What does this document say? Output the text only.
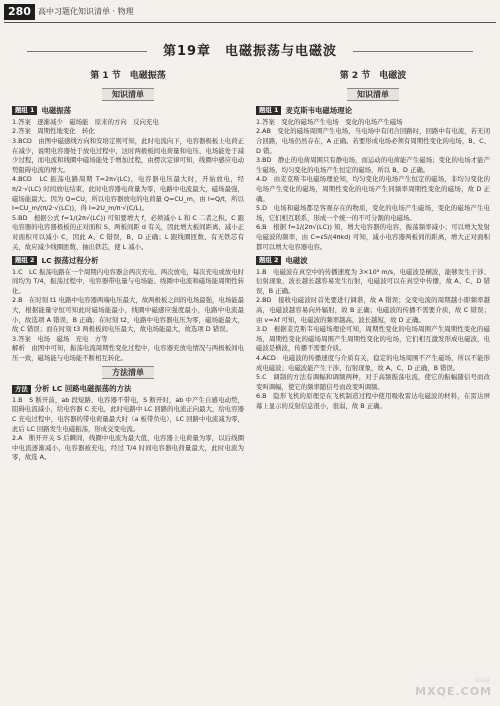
280 高中习题化知识清单 · 物理
第19章　电磁振荡与电磁波
第 1 节　电磁振荡
知识清单
题组 1 电磁振荡

1.答案　逐渐减少　磁场能　原来的方向　反向充电

2.答案　周期性地变化　转化

3.BCD　由图中磁感线方向和安培定则可知，此时电流向下，电容器极板上电荷正在减少，说明电容器处于放电过程中，这时两极板间电荷量和电压、电场能处于减少过程，而电流和线圈中磁场能处于增加过程，由楞次定律可知，线圈中感应电动势阻碍电流的增大。

4.BCD　LC 振荡电路周期 T=2π√(LC)，电容器电压最大时，开始放电，经 π/2·√(LC) 时间放电结束，此时电容器电荷量为零，电路中电流最大，磁场最强，磁场能最大。因为 Q=CU，所以电容器放电的电荷量 Q=CU_m，由 I=Q/t，所以 I=CU_m/(π/2·√(LC))，得 I=2U_m/π·√(C/L)。

5.BD　根据公式 f=1/(2π√(LC)) 可知要增大 f，必须减小 L 和 C 二者之积。C 跟电容器的电容器极板的正对面积 S、两板间距 d 有关，因此增大板间距离、减小正对面积可以减小 C，因此 A、C 错误，B、D 正确；L 跟线圈匝数、有无铁芯有关，故应减少线圈匝数、抽出铁芯，使 L 减小。

题组 2 LC 振荡过程分析

1.C　LC 振荡电路在一个周期内电容器会两次充电、两次放电，每次充电或放电时间均为 T/4，振荡过程中，电容器带电量与电场能、线圈中电流和磁场能周期性转化。

2.B　在时刻 t1 电路中电容器两端电压最大，故两极板之间的电场最强，电场能最大，根据能量守恒可知此时磁场能最小，线圈中磁感应强度最小，电路中电流最小，故选项 A 错误，B 正确；在时刻 t2，电路中电容器电压为零，磁场能最大，故 C 错误；而在时刻 t3 两极板间电压最大，故电场能最大，故选项 D 错误。

3.答案　电场　磁场　充电　方等

解析　由图中可知，振荡电流周期性变化过程中，电容器充放电情况与两极板间电压一致，磁场能与电场能不断相互转化。

方法清单
方法 分析 LC 回路电磁振荡的方法

1.B　S 断开前，ab 段短路，电容器不带电，S 断开时，ab 中产生自感电动势，阻碍电流减小，给电容器 C 充电，此时电路中 LC 回路的电流正向最大，给电容器 C 充电过程中，电容器的带电荷量最大时（a 板带负电），LC 回路中电流减为零，此后 LC 回路发生电磁振荡，形成交变电流。

2.A　断开开关 S 后瞬间，线圈中电流为最大值，电容器上电荷量为零，以后线圈中电流逐渐减小，电容器被充电，经过 T/4 时间电容器电荷量最大，此时电流为零，故选 A。

第 2 节　电磁波
知识清单
题组 1 麦克斯韦电磁场理论

1.答案　变化的磁场产生电场　变化的电场产生磁场

2.AB　变化的磁场周围产生电场，当电场中有闭合回路时，回路中有电流，若无闭合回路，电场仍然存在，A 正确。若要形成电场必须有周期性变化的电场，B、C、D 错。

3.BD　静止的电荷周围只有静电场，而运动的电荷能产生磁场；变化的电场才能产生磁场，均匀变化的电场产生恒定的磁场，所以 B、D 正确。

4.D　由麦克斯韦电磁场理论知，均匀变化的电场产生恒定的磁场，非均匀变化的电场产生变化的磁场，周期性变化的电场产生同频率周期性变化的磁场，故 D 正确。

5.D　电场和磁场都是客观存在的物质，变化的电场产生磁场，变化的磁场产生电场，它们相互联系，形成一个统一的不可分割的电磁场。

6.B　根据 f=1/(2π√(LC)) 知，增大电容器的电容，振荡频率减小；可以增大发射电磁波的频率，由 C=εS/(4πkd) 可知，减小电容器两板间的距离，增大正对面积都可以增大电容器电容。

题组 2 电磁波

1.B　电磁波在真空中的传播速度为 3×10⁸ m/s，电磁波是横波，能够发生干涉、衍射现象，波长越长越容易发生衍射，电磁波可以在真空中传播，故 A、C、D 错误，B 正确。

2.BD　接收电磁波时首先要进行调谐，故 A 错误；交变电流的周期越小即频率越高，电磁波越容易向外辐射，故 B 正确；电磁波的传播不需要介质，故 C 错误；由 v=λf 可知，电磁波的频率越高，波长越短，故 D 正确。

3.D　根据麦克斯韦电磁场理论可知，周期性变化的电场周围产生周期性变化的磁场，周期性变化的磁场周围产生周期性变化的电场，它们相互激发形成电磁波，电磁波是横波，传播不需要介质。

4.ACD　电磁波的传播速度与介质有关，稳定的电场周围不产生磁场，所以不能形成电磁波；电磁波能产生干涉、衍射现象，故 A、C、D 正确，B 错误。

5.C　调制的方法有调幅和调频两种，对于高频振荡电流，使它的振幅随信号而改变叫调幅，使它的频率随信号而改变叫调频。

6.B　隐形飞机的原理是在飞机制造过程中使用吸收雷达电磁波的材料，在雷达屏幕上显示的反射信息很小，很弱，故 B 正确。

答案圈
MXQE.COM
